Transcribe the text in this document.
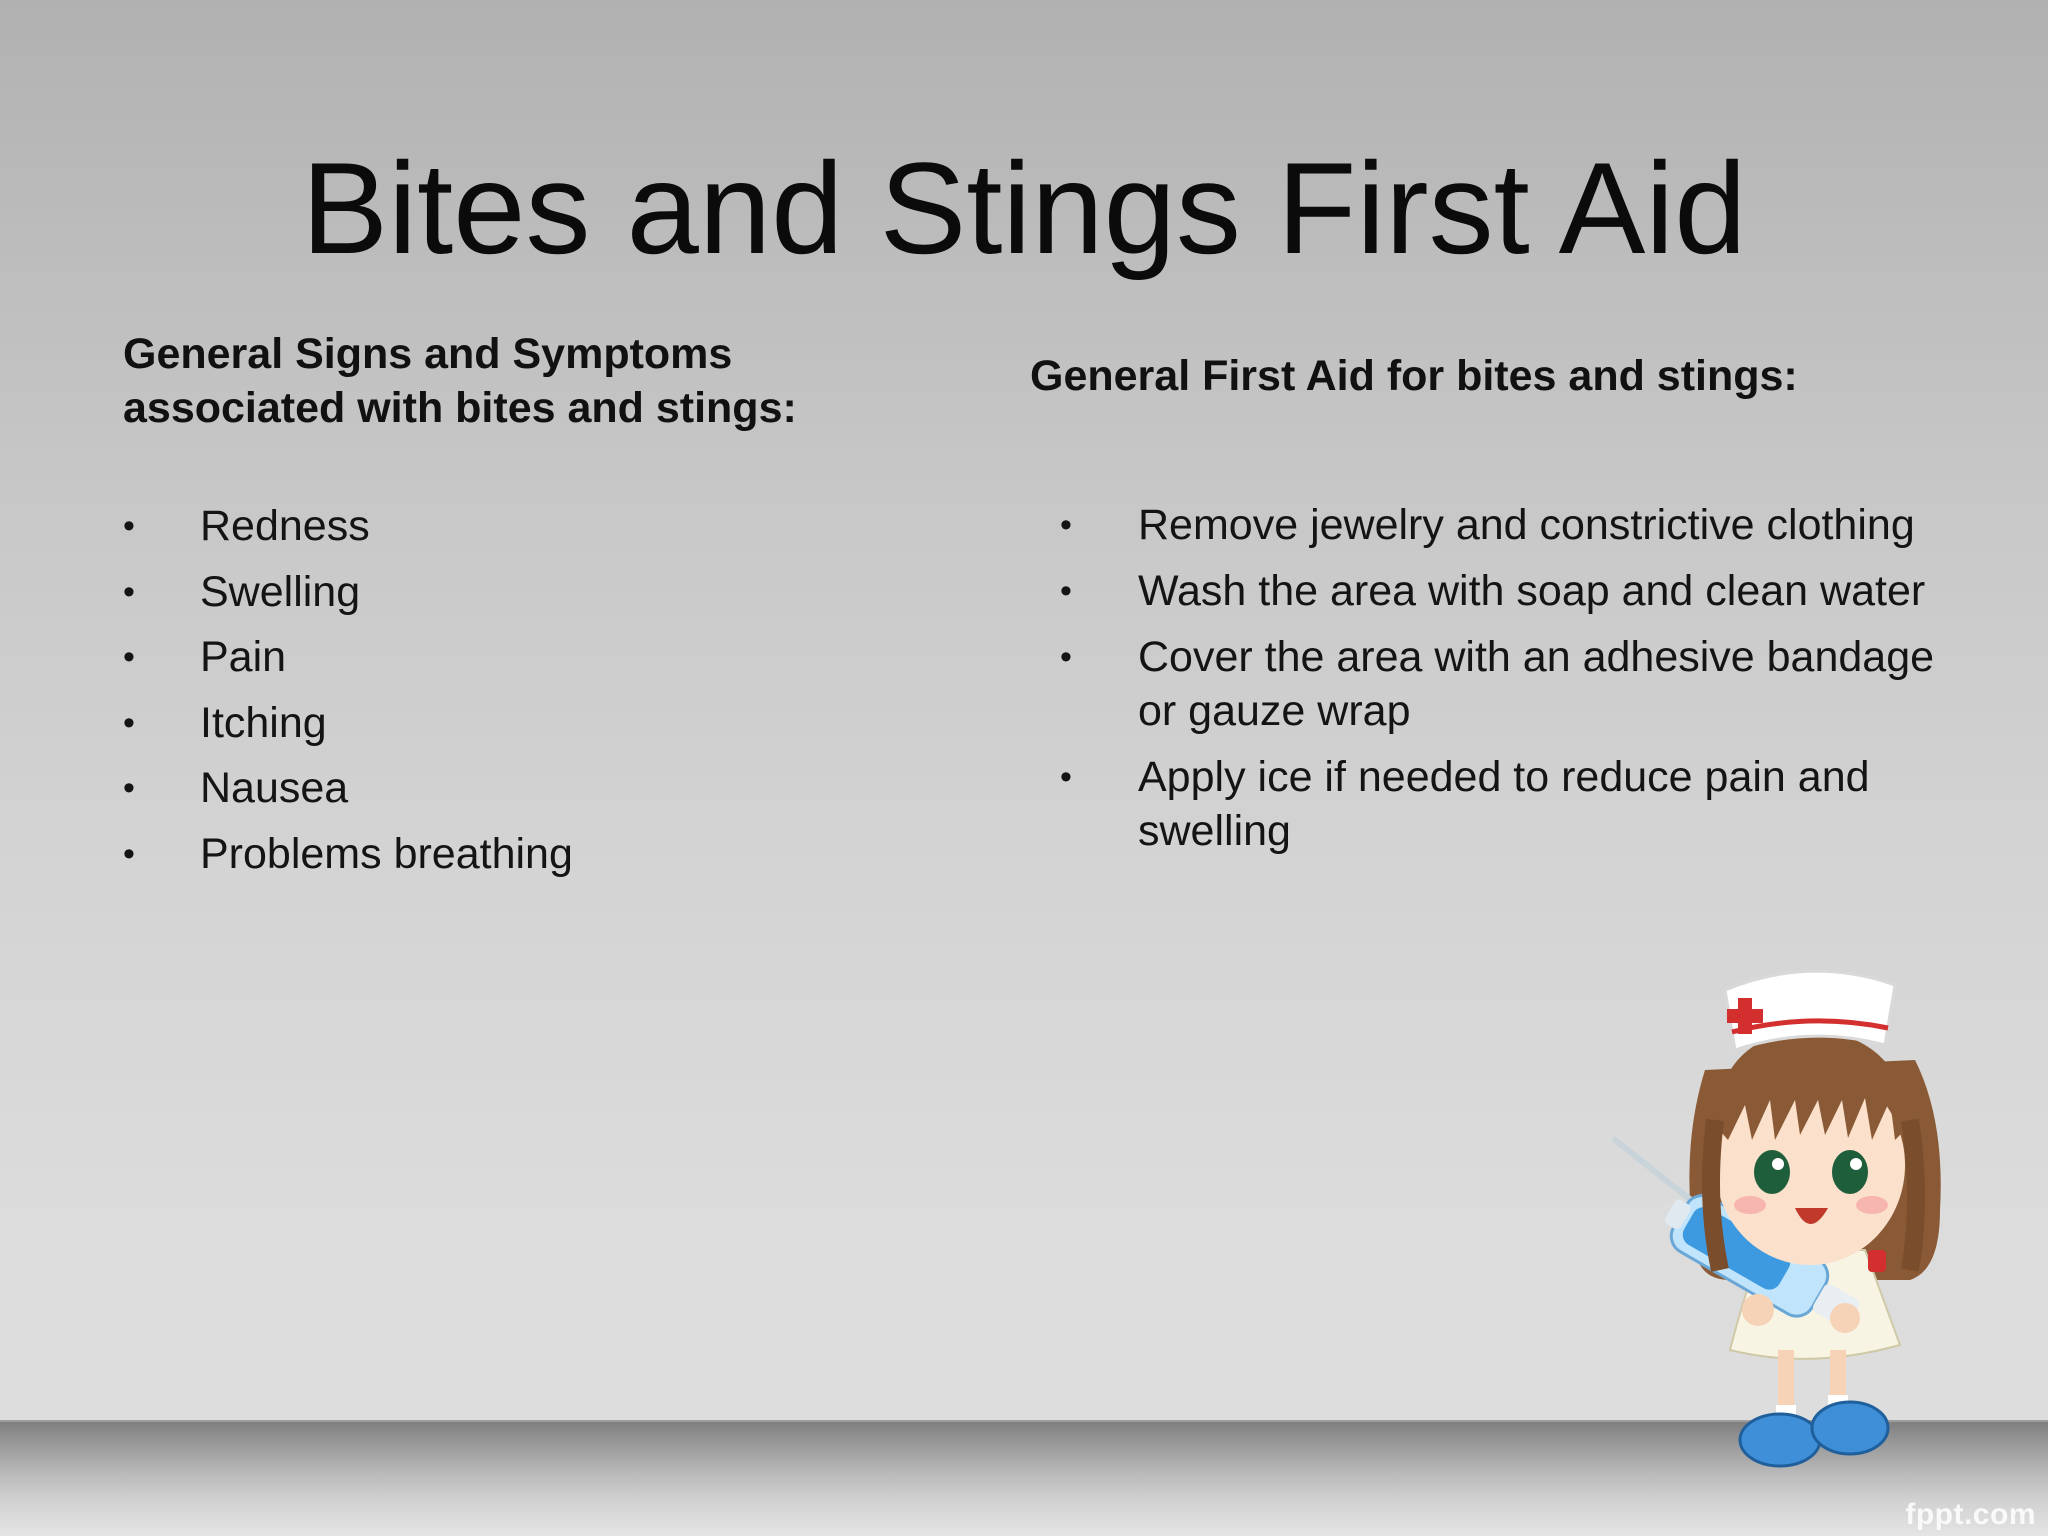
Bites and Stings First Aid
General Signs and Symptoms
associated with bites and stings:
General First Aid for bites and stings:
• Redness
• Swelling
• Pain
• Itching
• Nausea
• Problems breathing
• Remove jewelry and constrictive clothing
• Wash the area with soap and clean water
• Cover the area with an adhesive bandage or gauze wrap
• Apply ice if needed to reduce pain and swelling
fppt.com
